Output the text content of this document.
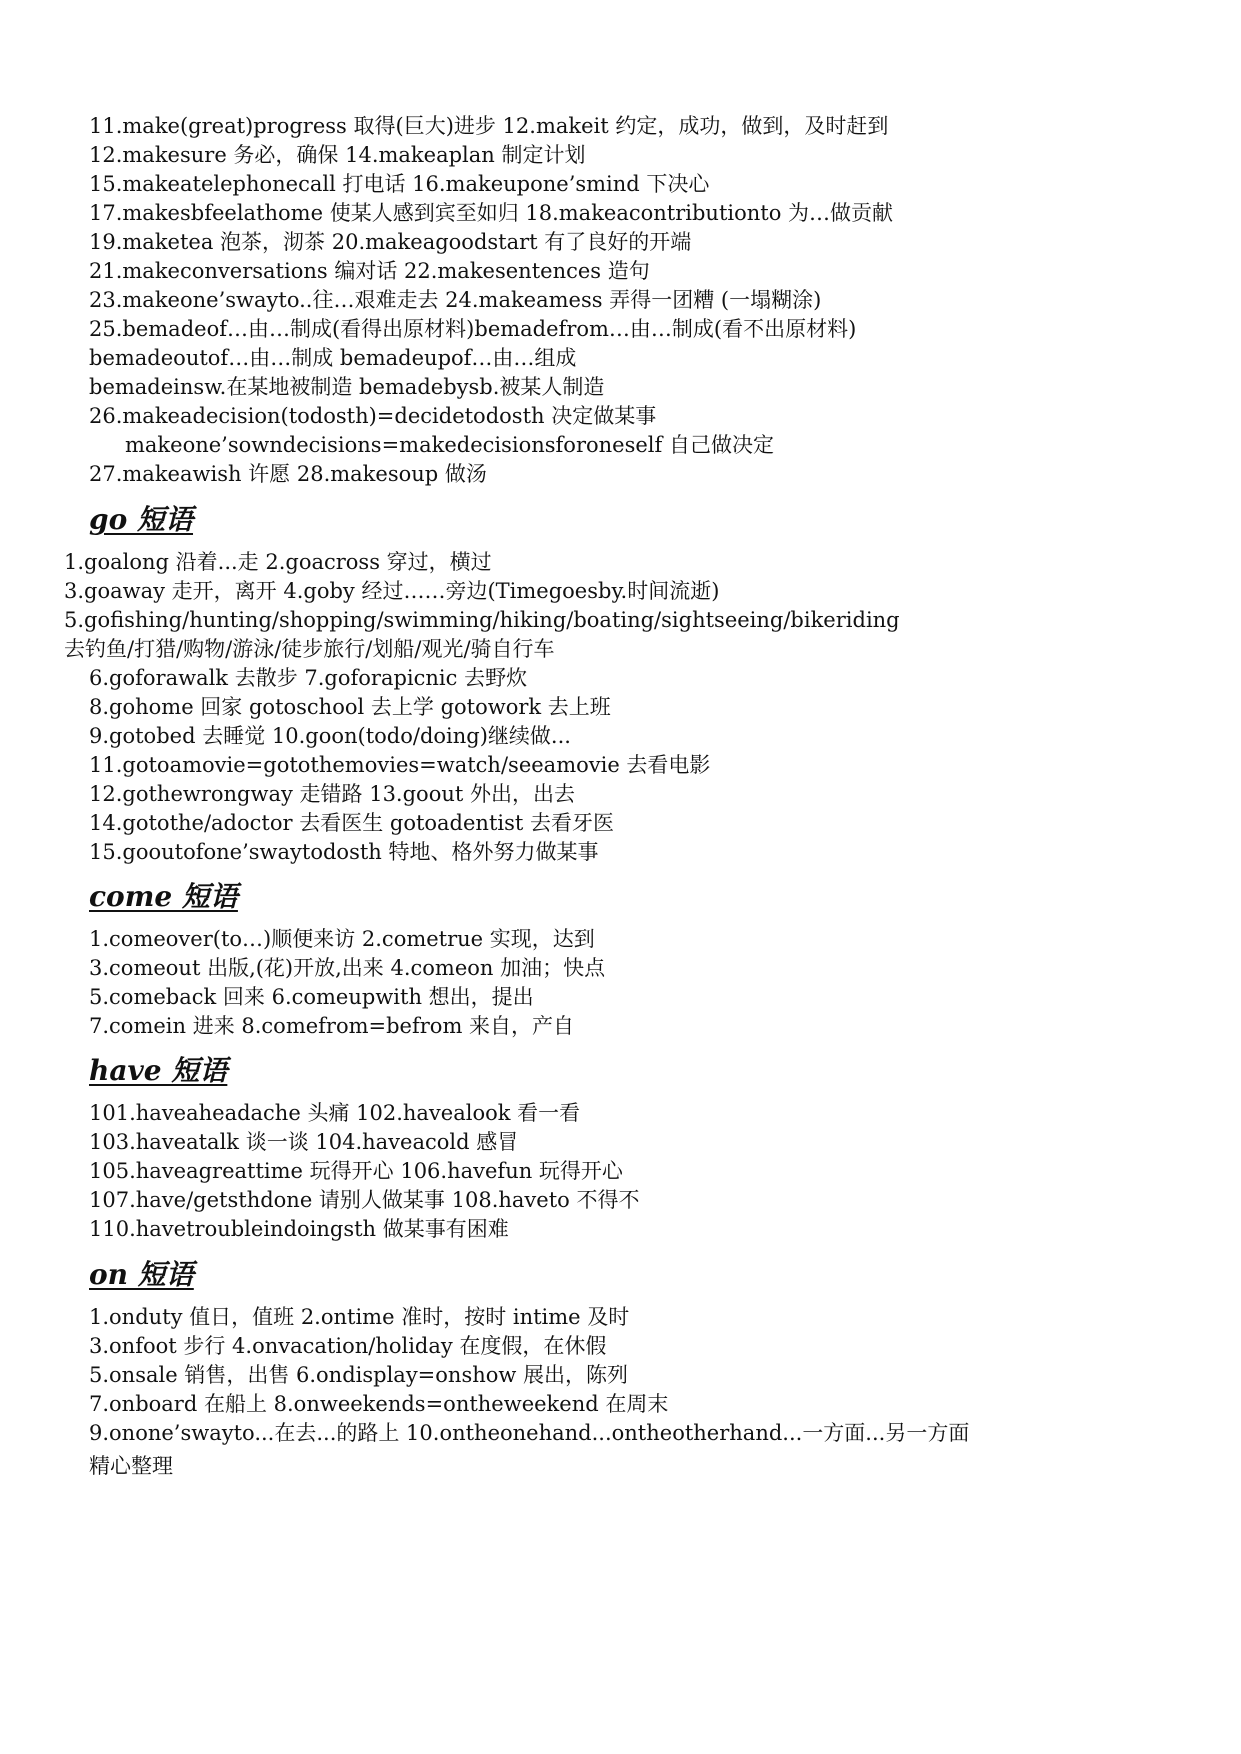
11.make(great)progress 取得(巨大)进步 12.makeit 约定，成功，做到，及时赶到
12.makesure 务必，确保 14.makeaplan 制定计划
15.makeatelephonecall 打电话 16.makeupone’smind 下决心
17.makesbfeelathome 使某人感到宾至如归 18.makeacontributionto 为…做贡献
19.maketea 泡茶，沏茶 20.makeagoodstart 有了良好的开端
21.makeconversations 编对话 22.makesentences 造句
23.makeone’swayto..往…艰难走去 24.makeamess 弄得一团糟 (一塌糊涂)
25.bemadeof…由…制成(看得出原材料)bemadefrom…由…制成(看不出原材料)
bemadeoutof…由…制成 bemadeupof…由…组成
bemadeinsw.在某地被制造 bemadebysb.被某人制造
26.makeadecision(todosth)=decidetodosth 决定做某事
makeone’sowndecisions=makedecisionsforoneself 自己做决定
27.makeawish 许愿 28.makesoup 做汤
go 短语
1.goalong 沿着...走 2.goacross 穿过，横过
3.goaway 走开，离开 4.goby 经过……旁边(Timegoesby.时间流逝)
5.gofishing/hunting/shopping/swimming/hiking/boating/sightseeing/bikeriding
去钓鱼/打猎/购物/游泳/徒步旅行/划船/观光/骑自行车
6.goforawalk 去散步 7.goforapicnic 去野炊
8.gohome 回家 gotoschool 去上学 gotowork 去上班
9.gotobed 去睡觉 10.goon(todo/doing)继续做...
11.gotoamovie=gotothemovies=watch/seeamovie 去看电影
12.gothewrongway 走错路 13.goout 外出，出去
14.gotothe/adoctor 去看医生 gotoadentist 去看牙医
15.gooutofone’swaytodosth 特地、格外努力做某事
come 短语
1.comeover(to…)顺便来访 2.cometrue 实现，达到
3.comeout 出版,(花)开放,出来 4.comeon 加油；快点
5.comeback 回来 6.comeupwith 想出，提出
7.comein 进来 8.comefrom=befrom 来自，产自
have 短语
101.haveaheadache 头痛 102.havealook 看一看
103.haveatalk 谈一谈 104.haveacold 感冒
105.haveagreattime 玩得开心 106.havefun 玩得开心
107.have/getsthdone 请别人做某事 108.haveto 不得不
110.havetroubleindoingsth 做某事有困难
on 短语
1.onduty 值日，值班 2.ontime 准时，按时 intime 及时
3.onfoot 步行 4.onvacation/holiday 在度假，在休假
5.onsale 销售，出售 6.ondisplay=onshow 展出，陈列
7.onboard 在船上 8.onweekends=ontheweekend 在周末
9.onone’swayto...在去...的路上 10.ontheonehand...ontheotherhand...一方面...另一方面
精心整理
